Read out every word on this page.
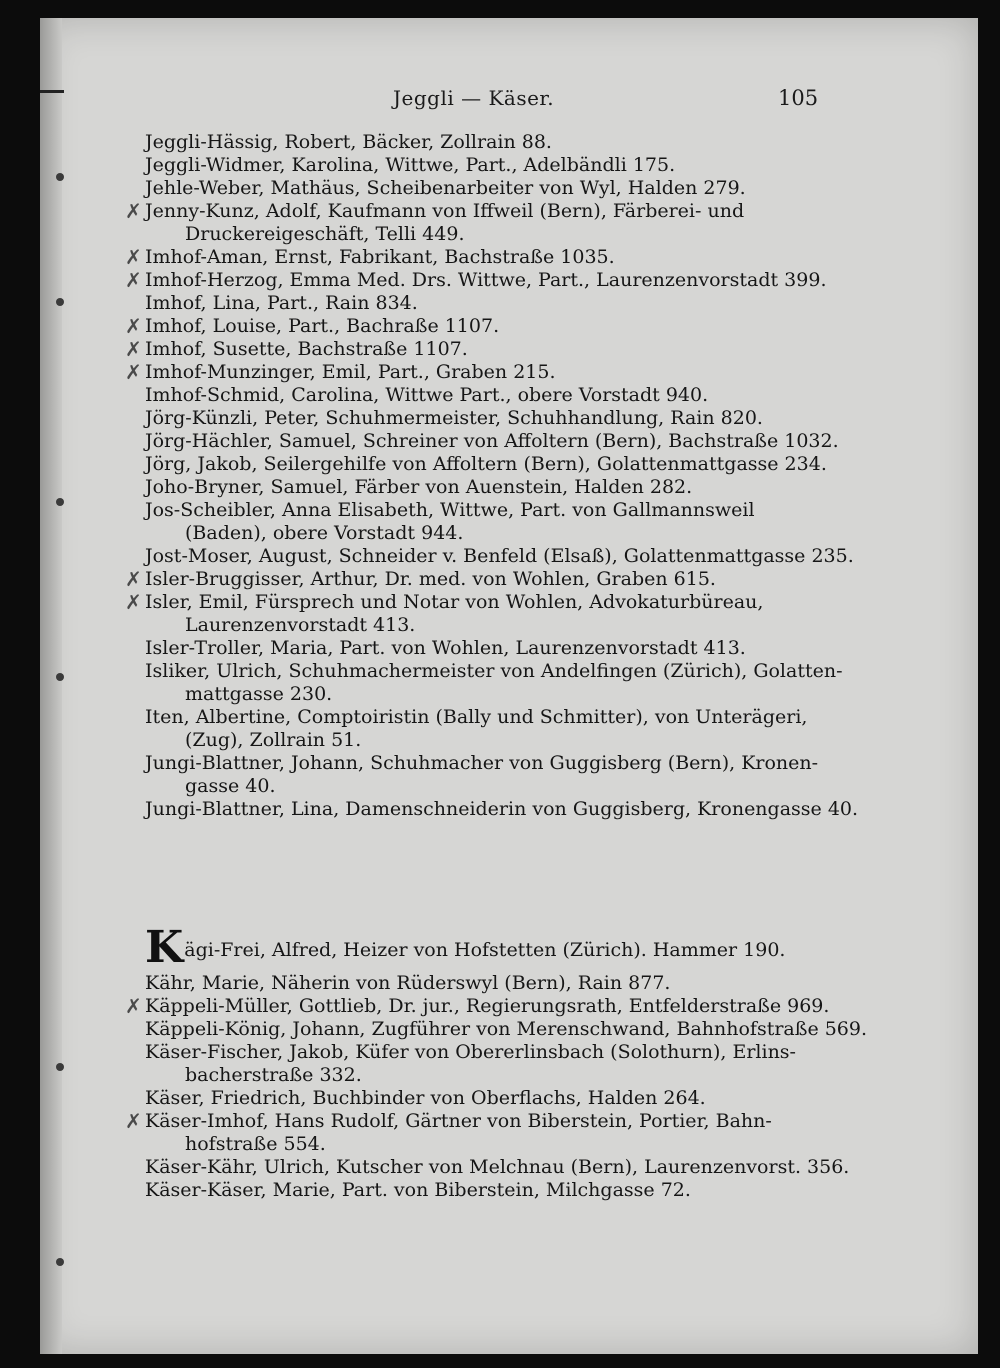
Jeggli — Käser.	105
Jeggli-Hässig, Robert, Bäcker, Zollrain 88.
Jeggli-Widmer, Karolina, Wittwe, Part., Adelbändli 175.
Jehle-Weber, Mathäus, Scheibenarbeiter von Wyl, Halden 279.
✗ Jenny-Kunz, Adolf, Kaufmann von Iffweil (Bern), Färberei- und
Druckereigeschäft, Telli 449.
✗ Imhof-Aman, Ernst, Fabrikant, Bachstraße 1035.
✗ Imhof-Herzog, Emma Med. Drs. Wittwe, Part., Laurenzenvorstadt 399.
Imhof, Lina, Part., Rain 834.
✗ Imhof, Louise, Part., Bachraße 1107.
✗ Imhof, Susette, Bachstraße 1107.
✗ Imhof-Munzinger, Emil, Part., Graben 215.
Imhof-Schmid, Carolina, Wittwe Part., obere Vorstadt 940.
Jörg-Künzli, Peter, Schuhmermeister, Schuhhandlung, Rain 820.
Jörg-Hächler, Samuel, Schreiner von Affoltern (Bern), Bachstraße 1032.
Jörg, Jakob, Seilergehilfe von Affoltern (Bern), Golattenmattgasse 234.
Joho-Bryner, Samuel, Färber von Auenstein, Halden 282.
Jos-Scheibler, Anna Elisabeth, Wittwe, Part. von Gallmannsweil
(Baden), obere Vorstadt 944.
Jost-Moser, August, Schneider v. Benfeld (Elsaß), Golattenmattgasse 235.
✗ Isler-Bruggisser, Arthur, Dr. med. von Wohlen, Graben 615.
✗ Isler, Emil, Fürsprech und Notar von Wohlen, Advokaturbüreau,
Laurenzenvorstadt 413.
Isler-Troller, Maria, Part. von Wohlen, Laurenzenvorstadt 413.
Isliker, Ulrich, Schuhmachermeister von Andelfingen (Zürich), Golatten-
mattgasse 230.
Iten, Albertine, Comptoiristin (Bally und Schmitter), von Unterägeri,
(Zug), Zollrain 51.
Jungi-Blattner, Johann, Schuhmacher von Guggisberg (Bern), Kronen-
gasse 40.
Jungi-Blattner, Lina, Damenschneiderin von Guggisberg, Kronengasse 40.
Kägi-Frei, Alfred, Heizer von Hofstetten (Zürich). Hammer 190.
Kähr, Marie, Näherin von Rüderswyl (Bern), Rain 877.
✗ Käppeli-Müller, Gottlieb, Dr. jur., Regierungsrath, Entfelderstraße 969.
Käppeli-König, Johann, Zugführer von Merenschwand, Bahnhofstraße 569.
Käser-Fischer, Jakob, Küfer von Obererlinsbach (Solothurn), Erlins-
bacherstraße 332.
Käser, Friedrich, Buchbinder von Oberflachs, Halden 264.
✗ Käser-Imhof, Hans Rudolf, Gärtner von Biberstein, Portier, Bahn-
hofstraße 554.
Käser-Kähr, Ulrich, Kutscher von Melchnau (Bern), Laurenzenvorst. 356.
Käser-Käser, Marie, Part. von Biberstein, Milchgasse 72.
